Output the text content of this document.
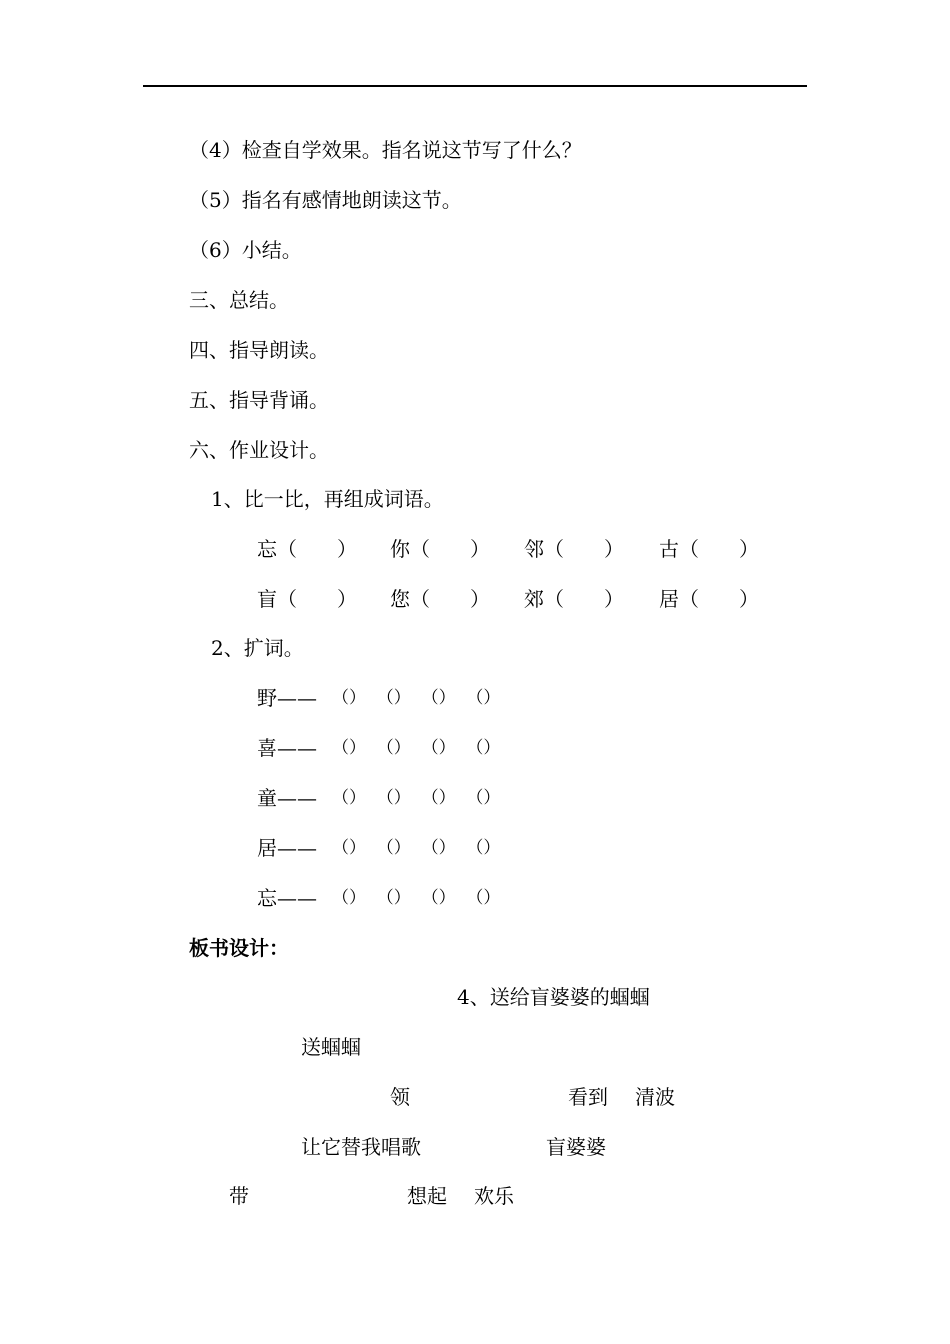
（4）检查自学效果。指名说这节写了什么？
（5）指名有感情地朗读这节。
（6）小结。
三、总结。
四、指导朗读。
五、指导背诵。
六、作业设计。
1、比一比，再组成词语。
忘（　　） 你（　　） 邻（　　） 古（　　）
盲（　　） 您（　　） 郊（　　） 居（　　）
2、扩词。
野—— （）  （）  （）  （）
喜—— （）  （）  （）  （）
童—— （）  （）  （）  （）
居—— （）  （）  （）  （）
忘—— （）  （）  （）  （）
板书设计：
4、送给盲婆婆的蝈蝈
送蝈蝈
领	看到 清波
让它替我唱歌	盲婆婆
带	想起 欢乐
